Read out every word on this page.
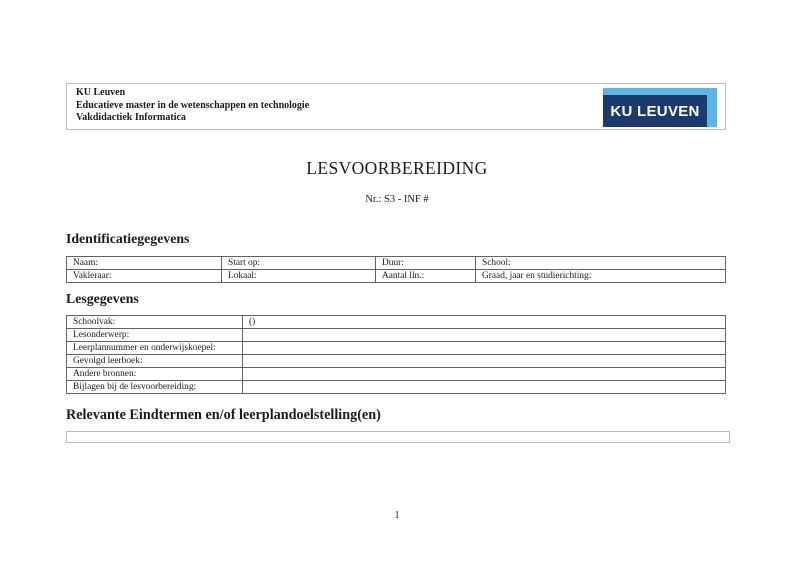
KU Leuven
Educatieve master in de wetenschappen en technologie
Vakdidactiek Informatica	KU LEUVEN
LESVOORBEREIDING
Nr.: S3 - INF #
Identificatiegegevens
Naam:	Start op:	Duur:	School:
Vakleraar:	Lokaal:	Aantal lln.:	Graad, jaar en studierichting:
Lesgegevens
Schoolvak:	()
Lesonderwerp:	
Leerplannummer en onderwijskoepel:	
Gevolgd leerboek:	
Andere bronnen:	
Bijlagen bij de lesvoorbereiding:	
Relevante Eindtermen en/of leerplandoelstelling(en)
1
